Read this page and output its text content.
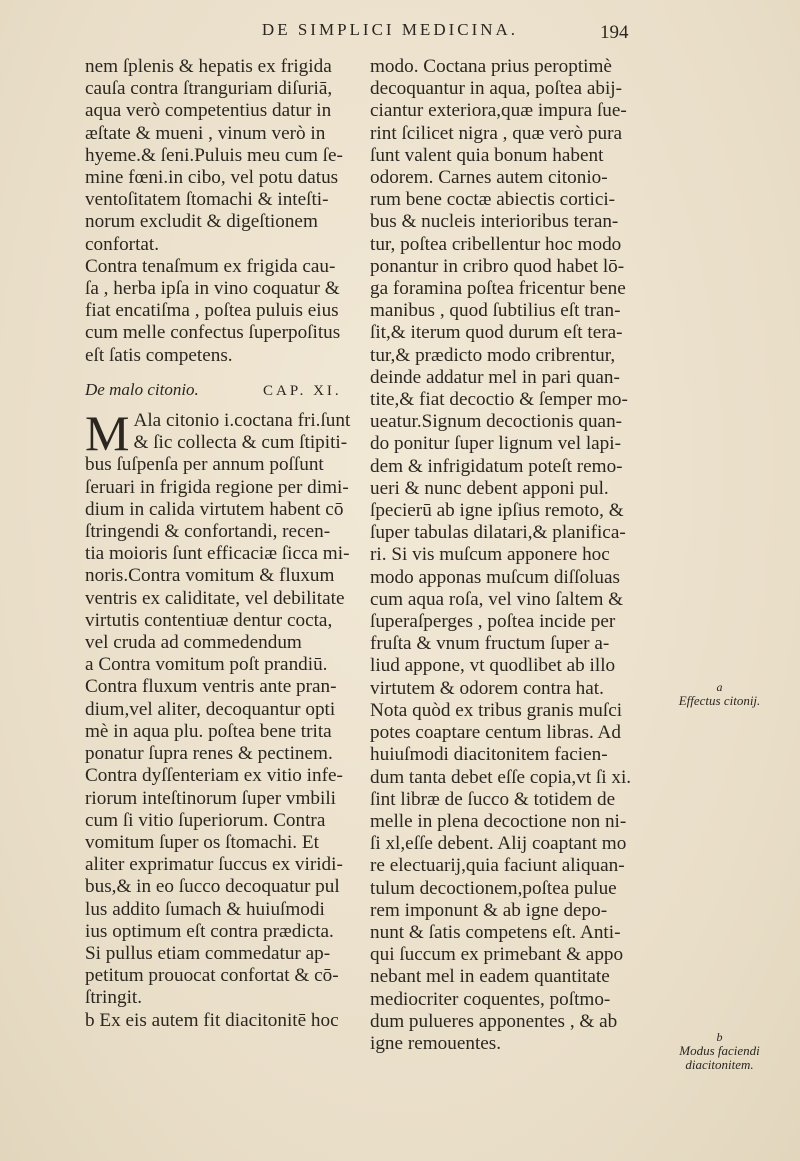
DE SIMPLICI MEDICINA.	194
nem ſplenis & hepatis ex frigida
cauſa contra ſtranguriam diſuriā,
aqua verò competentius datur in
æſtate & mueni , vinum verò in
hyeme.& ſeni.Puluis meu cum ſe-
mine fœni.in cibo, vel potu datus
ventoſitatem ſtomachi & inteſti-
norum excludit & digeſtionem
confortat.
Contra tenaſmum ex frigida cau-
ſa , herba ipſa in vino coquatur &
fiat encatiſma , poſtea puluis eius
cum melle confectus ſuperpoſitus
eſt ſatis competens.
De malo citonio.	CAP. XI.
M Ala citonio i.coctana fri.ſunt
& ſic collecta & cum ſtipiti-
bus ſuſpenſa per annum poſſunt
ſeruari in frigida regione per dimi-
dium in calida virtutem habent cō
ſtringendi & confortandi, recen-
tia moioris ſunt efficaciæ ſicca mi-
noris.Contra vomitum & fluxum
ventris ex caliditate, vel debilitate
virtutis contentiuæ dentur cocta,
vel cruda ad commedendum
a Contra vomitum poſt prandiū.
Contra fluxum ventris ante pran-
dium,vel aliter, decoquantur opti
mè in aqua plu. poſtea bene trita
ponatur ſupra renes & pectinem.
Contra dyſſenteriam ex vitio infe-
riorum inteſtinorum ſuper vmbili
cum ſi vitio ſuperiorum. Contra
vomitum ſuper os ſtomachi. Et
aliter exprimatur ſuccus ex viridi-
bus,& in eo ſucco decoquatur pul
lus addito ſumach & huiuſmodi
ius optimum eſt contra prædicta.
Si pullus etiam commedatur ap-
petitum prouocat confortat & cō-
ſtringit.
b Ex eis autem fit diacitonitē hoc
modo. Coctana prius peroptimè
decoquantur in aqua, poſtea abij-
ciantur exteriora,quæ impura ſue-
rint ſcilicet nigra , quæ verò pura
ſunt valent quia bonum habent
odorem. Carnes autem citonio-
rum bene coctæ abiectis cortici-
bus & nucleis interioribus teran-
tur, poſtea cribellentur hoc modo
ponantur in cribro quod habet lō-
ga foramina poſtea fricentur bene
manibus , quod ſubtilius eſt tran-
ſit,& iterum quod durum eſt tera-
tur,& prædicto modo cribrentur,
deinde addatur mel in pari quan-
tite,& fiat decoctio & ſemper mo-
ueatur.Signum decoctionis quan-
do ponitur ſuper lignum vel lapi-
dem & infrigidatum poteſt remo-
ueri & nunc debent apponi pul.
ſpecierū ab igne ipſius remoto, &
ſuper tabulas dilatari,& planifica-
ri. Si vis muſcum apponere hoc
modo apponas muſcum diſſoluas
cum aqua roſa, vel vino ſaltem &
ſuperaſperges , poſtea incide per
fruſta & vnum fructum ſuper a-
liud appone, vt quodlibet ab illo
virtutem & odorem contra hat.
Nota quòd ex tribus granis muſci
potes coaptare centum libras. Ad
huiuſmodi diacitonitem facien-
dum tanta debet eſſe copia,vt ſi xi.
ſint libræ de ſucco & totidem de
melle in plena decoctione non ni-
ſi xl,eſſe debent. Alij coaptant mo
re electuarij,quia faciunt aliquan-
tulum decoctionem,poſtea pulue
rem imponunt & ab igne depo-
nunt & ſatis competens eſt. Anti-
qui ſuccum ex primebant & appo
nebant mel in eadem quantitate
mediocriter coquentes, poſtmo-
dum pulueres apponentes , & ab
igne remouentes.
a
Effectus citonij.
b
Modus faciendi diacitonitem.
